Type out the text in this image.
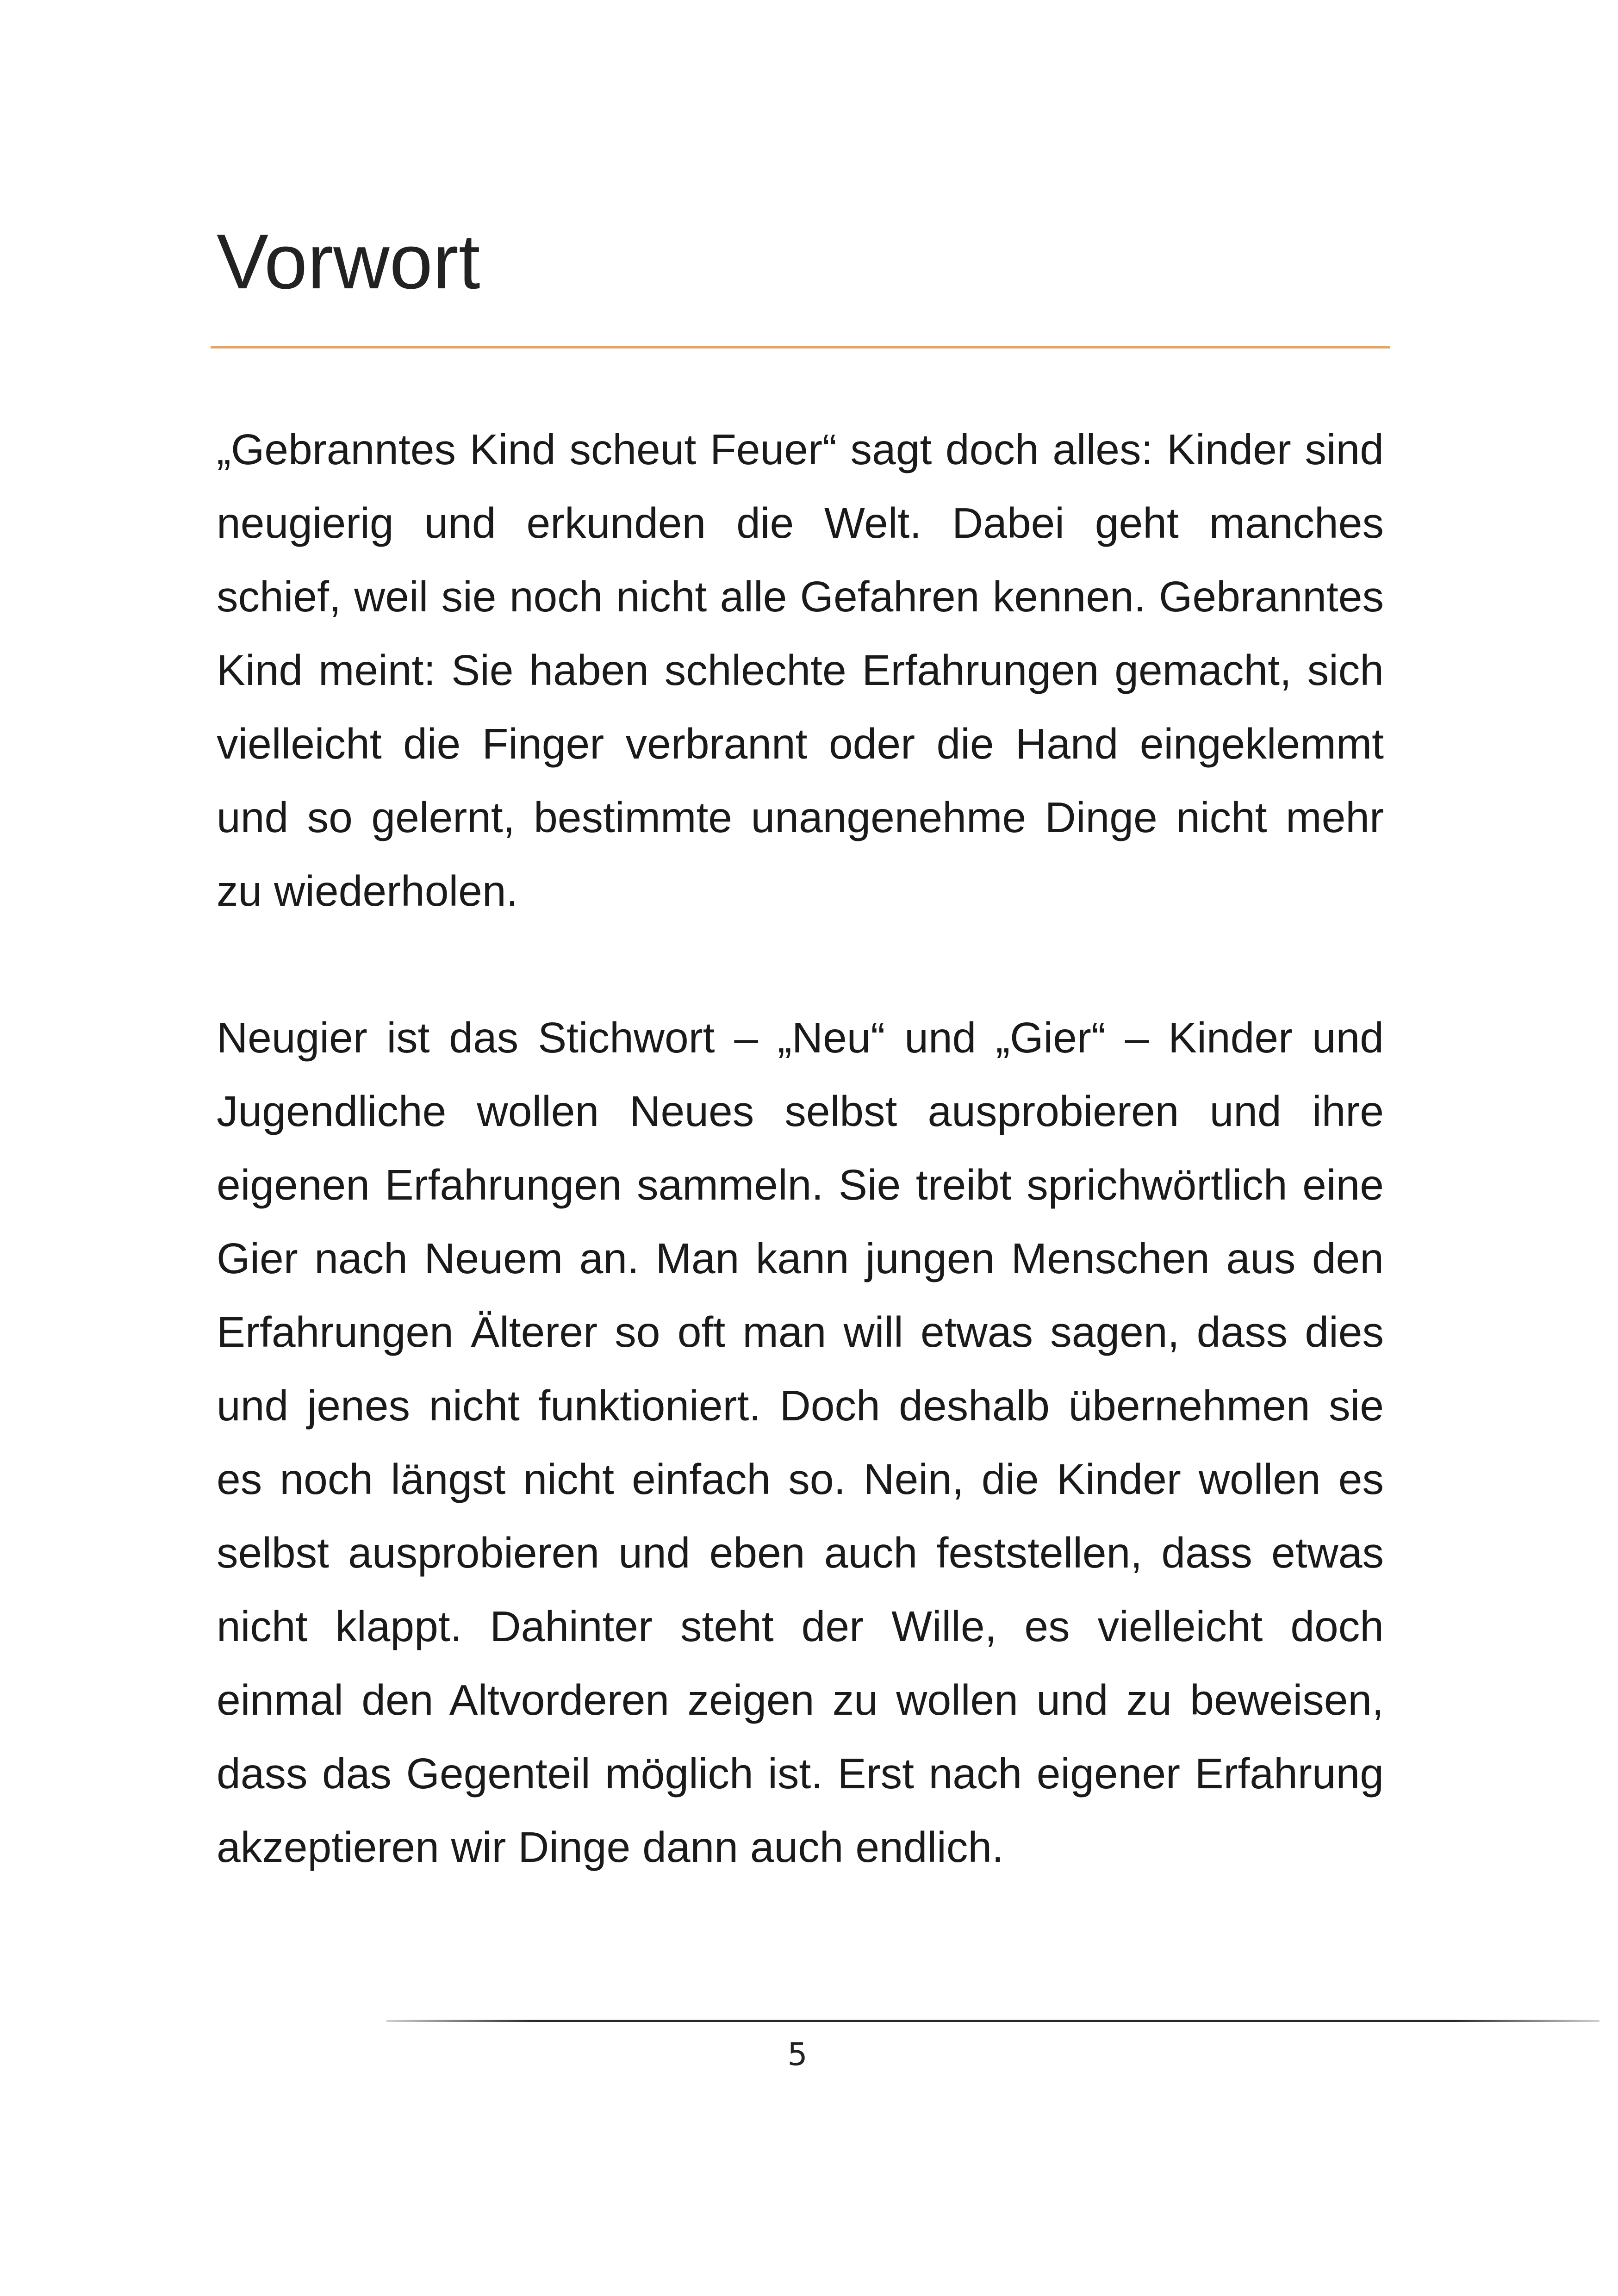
Vorwort

„Gebranntes Kind scheut Feuer“ sagt doch alles: Kinder sind neugierig und erkunden die Welt. Dabei geht manches schief, weil sie noch nicht alle Gefahren kennen. Gebranntes Kind meint: Sie haben schlechte Erfahrungen gemacht, sich vielleicht die Finger verbrannt oder die Hand eingeklemmt und so gelernt, bestimmte unangenehme Dinge nicht mehr zu wiederholen.

Neugier ist das Stichwort – „Neu“ und „Gier“ – Kinder und Jugendliche wollen Neues selbst ausprobieren und ihre eigenen Erfahrungen sammeln. Sie treibt sprichwörtlich eine Gier nach Neuem an. Man kann jungen Menschen aus den Erfahrungen Älterer so oft man will etwas sagen, dass dies und jenes nicht funktioniert. Doch deshalb übernehmen sie es noch längst nicht einfach so. Nein, die Kinder wollen es selbst ausprobieren und eben auch feststellen, dass etwas nicht klappt. Dahinter steht der Wille, es vielleicht doch einmal den Altvorderen zeigen zu wollen und zu beweisen, dass das Gegenteil möglich ist. Erst nach eigener Erfahrung akzeptieren wir Dinge dann auch endlich.

5
